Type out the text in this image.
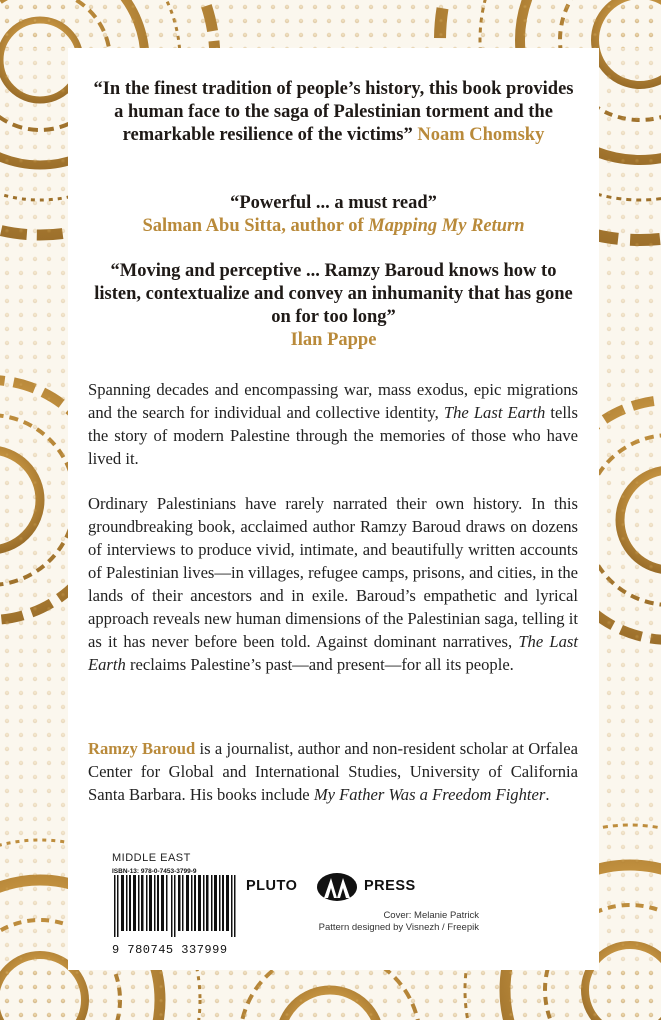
“In the finest tradition of people’s history, this book provides a human face to the saga of Palestinian torment and the remarkable resilience of the victims” Noam Chomsky
“Powerful ... a must read”
Salman Abu Sitta, author of Mapping My Return
“Moving and perceptive ... Ramzy Baroud knows how to listen, contextualize and convey an inhumanity that has gone on for too long”
Ilan Pappe

Spanning decades and encompassing war, mass exodus, epic migrations and the search for individual and collective identity, The Last Earth tells the story of modern Palestine through the memories of those who have lived it.

Ordinary Palestinians have rarely narrated their own history. In this groundbreaking book, acclaimed author Ramzy Baroud draws on dozens of interviews to produce vivid, intimate, and beautifully written accounts of Palestinian lives—in villages, refugee camps, prisons, and cities, in the lands of their ancestors and in exile. Baroud’s empathetic and lyrical approach reveals new human dimensions of the Palestinian saga, telling it as it has never before been told. Against dominant narratives, The Last Earth reclaims Palestine’s past—and present—for all its people.

Ramzy Baroud is a journalist, author and non-resident scholar at Orfalea Center for Global and International Studies, University of California Santa Barbara. His books include My Father Was a Freedom Fighter.

MIDDLE EAST
ISBN-13: 978-0-7453-3799-9
9 780745 337999
PLUTO	PRESS
Cover: Melanie Patrick
Pattern designed by Visnezh / Freepik
